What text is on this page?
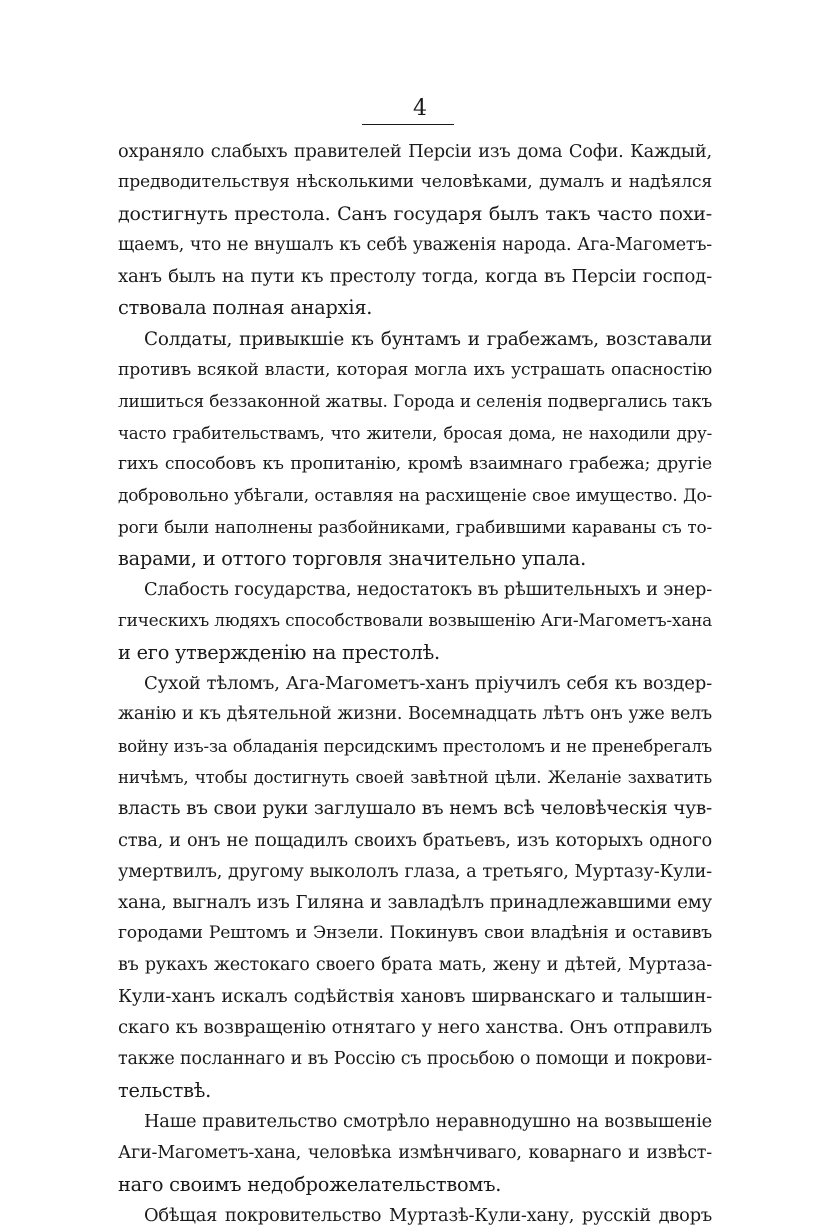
4
охраняло слабыхъ правителей Персіи изъ дома Софи. Каждый,
предводительствуя нѣсколькими человѣками, думалъ и надѣялся
достигнуть престола. Санъ государя былъ такъ часто похи-
щаемъ, что не внушалъ къ себѣ уваженія народа. Ага-Магометъ-
ханъ былъ на пути къ престолу тогда, когда въ Персіи господ-
ствовала полная анархія.
Солдаты, привыкшіе къ бунтамъ и грабежамъ, возставали
противъ всякой власти, которая могла ихъ устрашать опасностію
лишиться беззаконной жатвы. Города и селенія подвергались такъ
часто грабительствамъ, что жители, бросая дома, не находили дру-
гихъ способовъ къ пропитанію, кромѣ взаимнаго грабежа; другіе
добровольно убѣгали, оставляя на расхищеніе свое имущество. До-
роги были наполнены разбойниками, грабившими караваны съ то-
варами, и оттого торговля значительно упала.
Слабость государства, недостатокъ въ рѣшительныхъ и энер-
гическихъ людяхъ способствовали возвышенію Аги-Магометъ-хана
и его утвержденію на престолѣ.
Сухой тѣломъ, Ага-Магометъ-ханъ пріучилъ себя къ воздер-
жанію и къ дѣятельной жизни. Восемнадцать лѣтъ онъ уже велъ
войну изъ-за обладанія персидскимъ престоломъ и не пренебрегалъ
ничѣмъ, чтобы достигнуть своей завѣтной цѣли. Желаніе захватить
власть въ свои руки заглушало въ немъ всѣ человѣческія чув-
ства, и онъ не пощадилъ своихъ братьевъ, изъ которыхъ одного
умертвилъ, другому выкололъ глаза, а третьяго, Муртазу-Кули-
хана, выгналъ изъ Гиляна и завладѣлъ принадлежавшими ему
городами Рештомъ и Энзели. Покинувъ свои владѣнія и оставивъ
въ рукахъ жестокаго своего брата мать, жену и дѣтей, Муртаза-
Кули-ханъ искалъ содѣйствія хановъ ширванскаго и талышин-
скаго къ возвращенію отнятаго у него ханства. Онъ отправилъ
также посланнаго и въ Россію съ просьбою о помощи и покрови-
тельствѣ.
Наше правительство смотрѣло неравнодушно на возвышеніе
Аги-Магометъ-хана, человѣка измѣнчиваго, коварнаго и извѣст-
наго своимъ недоброжелательствомъ.
Обѣщая покровительство Муртазѣ-Кули-хану, русскій дворъ
